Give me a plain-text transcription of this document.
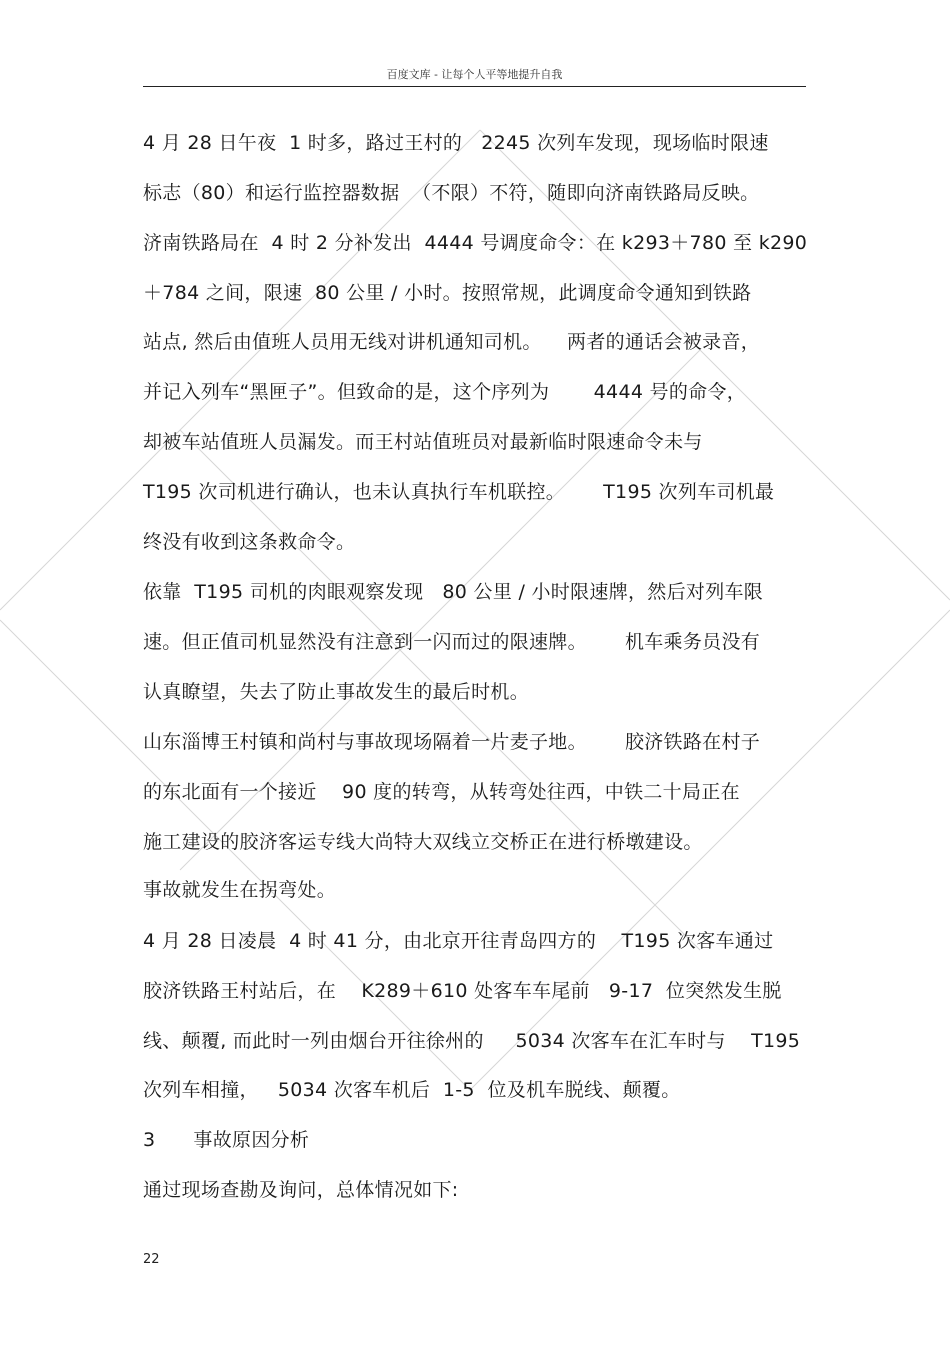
百度文库 - 让每个人平等地提升自我
4 月 28 日午夜  1 时多，路过王村的   2245 次列车发现，现场临时限速
标志（80）和运行监控器数据  （不限）不符，随即向济南铁路局反映。
济南铁路局在  4 时 2 分补发出  4444 号调度命令：在 k293＋780 至 k290
＋784 之间，限速  80 公里 / 小时。按照常规，此调度命令通知到铁路
站点, 然后由值班人员用无线对讲机通知司机。    两者的通话会被录音，
并记入列车“黑匣子”。但致命的是，这个序列为       4444 号的命令，
却被车站值班人员漏发。而王村站值班员对最新临时限速命令未与
T195 次司机进行确认，也未认真执行车机联控。      T195 次列车司机最
终没有收到这条救命令。
依靠  T195 司机的肉眼观察发现   80 公里 / 小时限速牌，然后对列车限
速。但正值司机显然没有注意到一闪而过的限速牌。      机车乘务员没有
认真瞭望，失去了防止事故发生的最后时机。
山东淄博王村镇和尚村与事故现场隔着一片麦子地。      胶济铁路在村子
的东北面有一个接近    90 度的转弯，从转弯处往西，中铁二十局正在
施工建设的胶济客运专线大尚特大双线立交桥正在进行桥墩建设。
事故就发生在拐弯处。
4 月 28 日凌晨  4 时 41 分，由北京开往青岛四方的    T195 次客车通过
胶济铁路王村站后，在    K289＋610 处客车车尾前   9-17  位突然发生脱
线、颠覆, 而此时一列由烟台开往徐州的     5034 次客车在汇车时与    T195
次列车相撞，   5034 次客车机后  1-5  位及机车脱线、颠覆。
3      事故原因分析
通过现场查勘及询问，总体情况如下:
22
